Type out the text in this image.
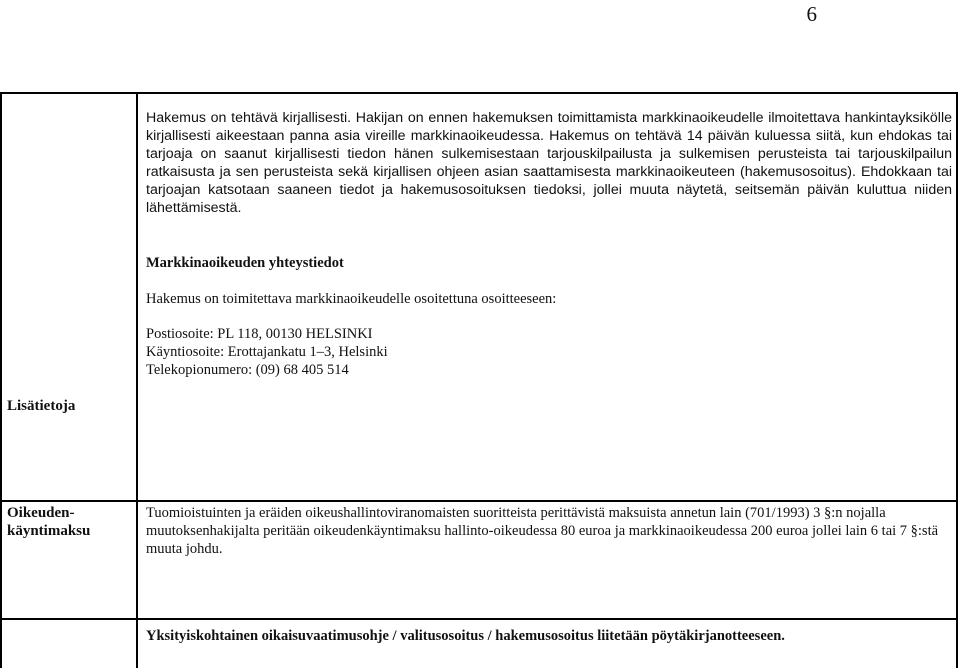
6
Hakemus on tehtävä kirjallisesti. Hakijan on ennen hakemuksen toimittamista markkinaoikeudelle ilmoitettava hankintayksikölle kirjallisesti aikeestaan panna asia vireille markkinaoikeudessa. Hakemus on tehtävä 14 päivän kuluessa siitä, kun ehdokas tai tarjoaja on saanut kirjallisesti tiedon hänen sulkemisestaan tarjouskilpailusta ja sulkemisen perusteista tai tarjouskilpailun ratkaisusta ja sen perusteista sekä kirjallisen ohjeen asian saattamisesta markkinaoikeuteen (hakemusosoitus). Ehdokkaan tai tarjoajan katsotaan saaneen tiedot ja hakemusosoituksen tiedoksi, jollei muuta näytetä, seitsemän päivän kuluttua niiden lähettämisestä.
Markkinaoikeuden yhteystiedot
Hakemus on toimitettava markkinaoikeudelle osoitettuna osoitteeseen:
Postiosoite: PL 118, 00130 HELSINKI
Käyntiosoite: Erottajankatu 1–3, Helsinki
Telekopionumero: (09) 68 405 514
Lisätietoja
Oikeuden-
käyntimaksu
Tuomioistuinten ja eräiden oikeushallintoviranomaisten suoritteista perittävistä maksuista annetun lain (701/1993) 3 §:n nojalla muutoksenhakijalta peritään oikeudenkäyntimaksu hallinto-oikeudessa 80 euroa ja markkinaoikeudessa 200 euroa jollei lain 6 tai 7 §:stä muuta johdu.
Yksityiskohtainen oikaisuvaatimusohje / valitusosoitus / hakemusosoitus liitetään pöytäkirjanotteeseen.
